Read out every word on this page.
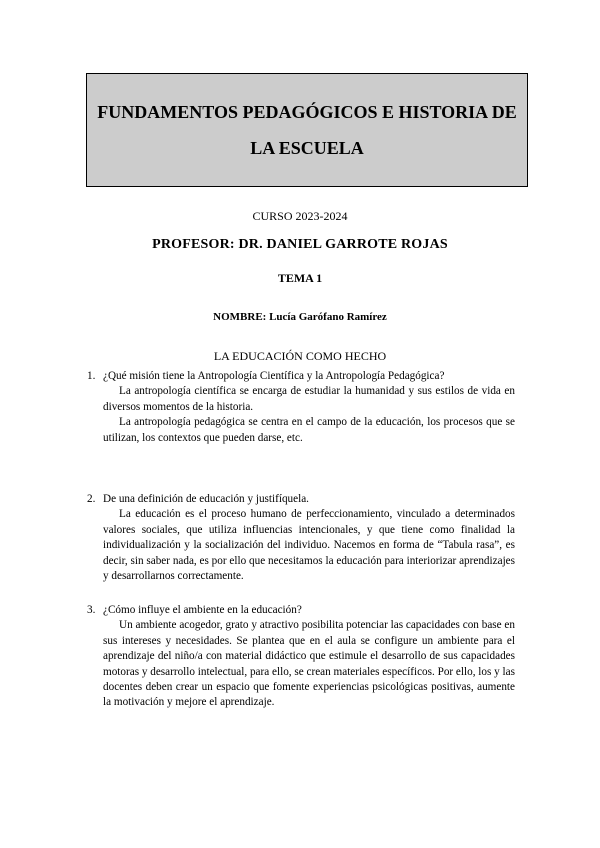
FUNDAMENTOS PEDAGÓGICOS E HISTORIA DE
LA ESCUELA
CURSO 2023-2024
PROFESOR: DR. DANIEL GARROTE ROJAS
TEMA 1
NOMBRE: Lucía Garófano Ramírez
LA EDUCACIÓN COMO HECHO
1. ¿Qué misión tiene la Antropología Científica y la Antropología Pedagógica?

La antropología científica se encarga de estudiar la humanidad y sus estilos de vida en diversos momentos de la historia.

La antropología pedagógica se centra en el campo de la educación, los procesos que se utilizan, los contextos que pueden darse, etc.

2. De una definición de educación y justifíquela.

La educación es el proceso humano de perfeccionamiento, vinculado a determinados valores sociales, que utiliza influencias intencionales, y que tiene como finalidad la individualización y la socialización del individuo. Nacemos en forma de “Tabula rasa”, es decir, sin saber nada, es por ello que necesitamos la educación para interiorizar aprendizajes y desarrollarnos correctamente.

3. ¿Cómo influye el ambiente en la educación?

Un ambiente acogedor, grato y atractivo posibilita potenciar las capacidades con base en sus intereses y necesidades. Se plantea que en el aula se configure un ambiente para el aprendizaje del niño/a con material didáctico que estimule el desarrollo de sus capacidades motoras y desarrollo intelectual, para ello, se crean materiales específicos. Por ello, los y las docentes deben crear un espacio que fomente experiencias psicológicas positivas, aumente la motivación y mejore el aprendizaje.
